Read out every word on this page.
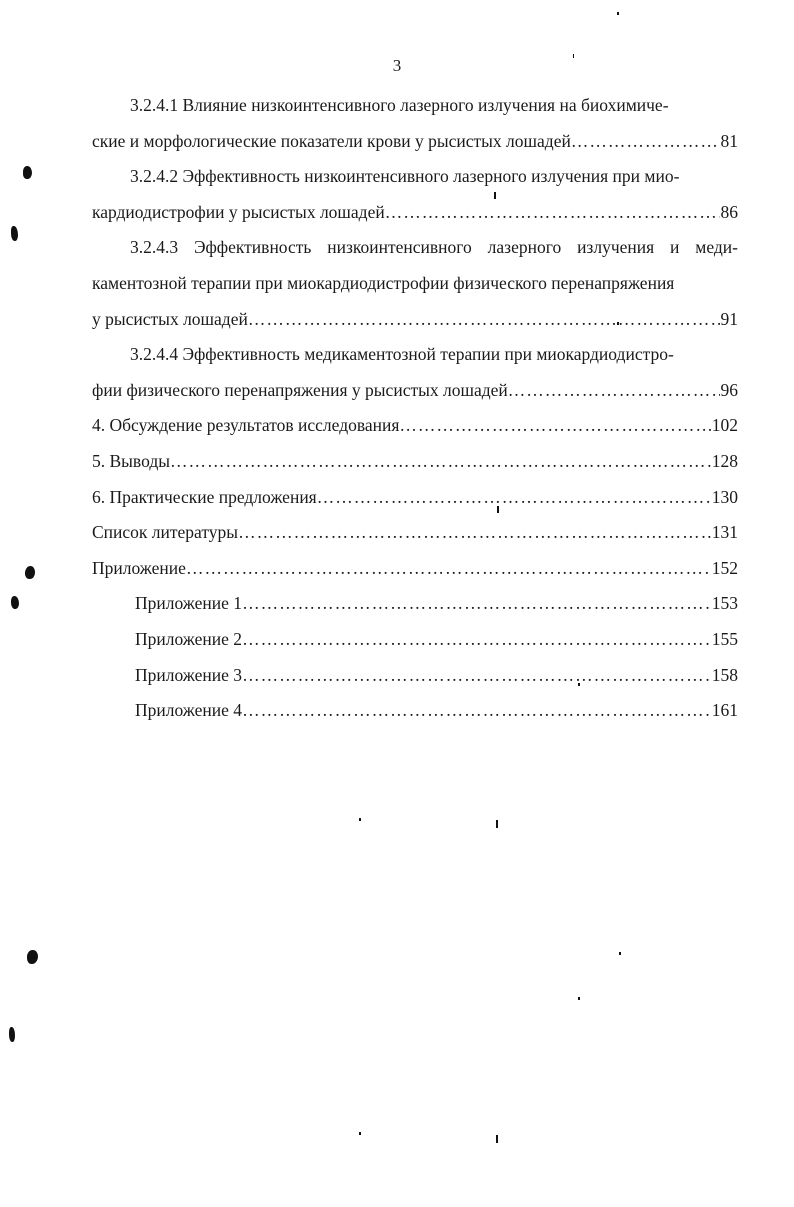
3

3.2.4.1 Влияние низкоинтенсивного лазерного излучения на биохимиче-
ские и морфологические показатели крови у рысистых лошадей ……………………………………………………………………………………………………………………………………	81

3.2.4.2 Эффективность низкоинтенсивного лазерного излучения при мио-
кардиодистрофии у рысистых лошадей ……………………………………………………………………………………………………………………………………	86

3.2.4.3 Эффективность низкоинтенсивного лазерного излучения и меди- каментозной терапии при миокардиодистрофии физического перенапряжения
у рысистых лошадей ……………………………………………………………………………………………………………………………………	91

3.2.4.4 Эффективность медикаментозной терапии при миокардиодистро-
фии физического перенапряжения у рысистых лошадей ……………………………………………………………………………………………………………………………………	96

4. Обсуждение результатов исследования ……………………………………………………………………………………………………………………………………	102

5. Выводы ……………………………………………………………………………………………………………………………………	128

6. Практические предложения ……………………………………………………………………………………………………………………………………	130

Список литературы ……………………………………………………………………………………………………………………………………	131

Приложение ……………………………………………………………………………………………………………………………………	152

Приложение 1 ……………………………………………………………………………………………………………………………………	153

Приложение 2 ……………………………………………………………………………………………………………………………………	155

Приложение 3 ……………………………………………………………………………………………………………………………………	158

Приложение 4 ……………………………………………………………………………………………………………………………………	161
